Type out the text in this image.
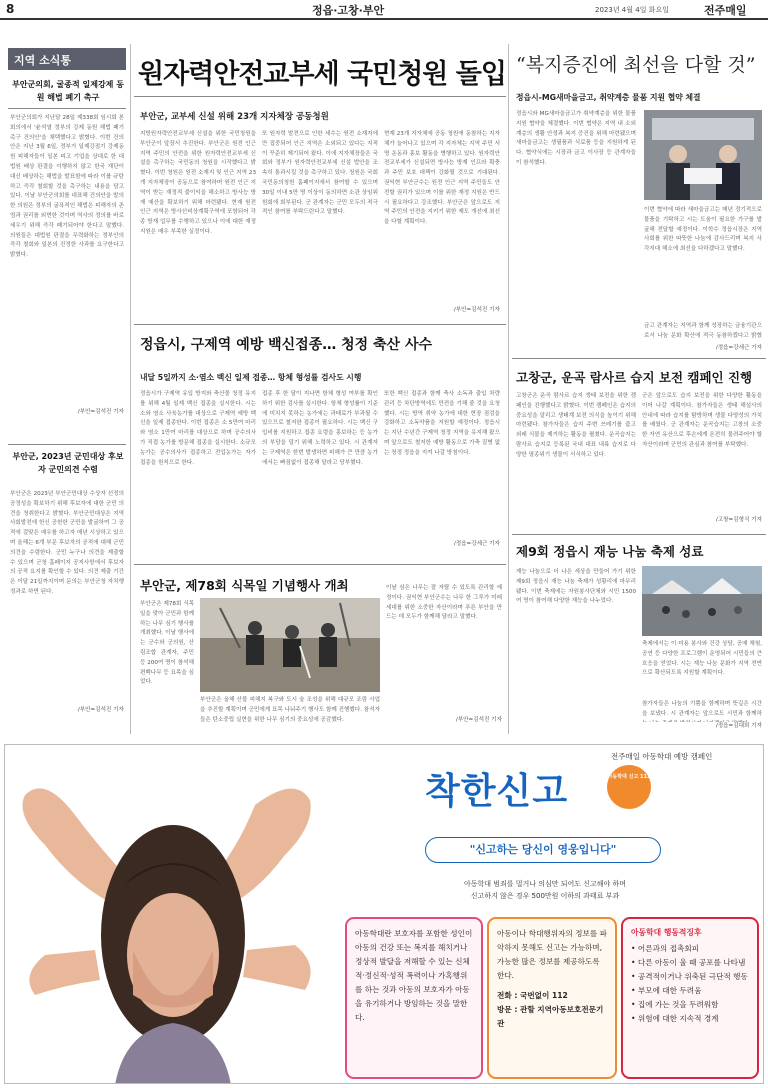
8	정읍·고창·부안	2023년 4월 4일 화요일	전주매일
지역 소식통
부안군의회, 굴종적 일제강제 동원 해법 폐기 촉구
부안군의회가 지난달 28일 제338회 임시회 본회의에서 '윤석열 정부의 강제 동원 해법 폐기 촉구 건의안'을 채택했다고 밝혔다. 이번 건의안은 지난 3월 6일, 정부가 일제강점기 강제동원 피해자들이 일본 피고 기업을 상대로 한 대법원 배상 판결을 이행하지 않고 한국 재단이 대신 배상하는 해법을 발표함에 따라 이를 규탄하고 즉각 철회할 것을 촉구하는 내용을 담고 있다. 이날 부안군의회를 대표해 건의안을 발의한 의원은 정부의 굴욕적인 해법은 피해자의 존엄과 권리를 외면한 것이며 역사의 정의를 바로 세우기 위해 즉각 폐기되어야 한다고 말했다. 의원들은 대법원 판결을 무력화하는 정부안의 즉각 철회와 일본의 진정한 사과를 요구한다고 밝혔다.
/부안=김석진 기자
부안군, 2023년 군민대상 후보자 군민의견 수렴
부안군은 2023년 부안군민대상 수상자 선정의 공정성을 확보하기 위해 후보자에 대한 군민 의견을 청취한다고 밝혔다. 부안군민대상은 지역사회발전에 헌신 공헌한 군민을 발굴하여 그 공적에 걸맞은 예우를 하고자 매년 시상하고 있으며 올해는 6개 부문 후보자의 공적에 대해 군민 의견을 수렴한다. 군민 누구나 의견을 제출할 수 있으며 군청 홈페이지 공지사항에서 후보자의 공적 요지를 확인할 수 있다. 의견 제출 기간은 이달 21일까지이며 문의는 부안군청 자치행정과로 하면 된다.
/부안=김석진 기자
원자력안전교부세 국민청원 돌입
부안군, 교부세 신설 위해 23개 지자체장 공동청원
지방원자력안전교부세 신설을 위한 국민청원을 부안군이 앞장서 추진한다. 부안군은 원전 인근 지역 주민의 안전을 위한 원자력안전교부세 신설을 촉구하는 국민동의 청원을 시작했다고 밝혔다. 이번 청원은 원전 소재지 및 인근 지역 23개 지자체장이 공동으로 참여하며 원전 인근 지역이 받는 재정적 불이익을 해소하고 방사능 방재 예산을 확보하기 위해 마련됐다. 현재 원전 인근 지역은 방사선비상계획구역에 포함되어 각종 방재 업무를 수행하고 있으나 이에 대한 재정 지원은 매우 부족한 실정이다.
또 원자력 발전으로 인한 세수는 원전 소재지에만 집중되어 인근 지역은 소외되고 있다는 지적이 꾸준히 제기되어 왔다. 이에 지자체장들은 국회와 정부가 원자력안전교부세 신설 법안을 조속히 통과시킬 것을 촉구하고 있다. 청원은 국회 국민동의청원 홈페이지에서 참여할 수 있으며 30일 이내 5만 명 이상이 동의하면 소관 상임위원회에 회부된다. 군 관계자는 군민 모두의 적극적인 참여를 부탁드린다고 말했다.
현재 23개 지자체에 공동 청원에 동참하는 지자체가 늘어나고 있으며 각 지자체는 지역 주민 서명 운동과 홍보 활동을 병행하고 있다. 원자력안전교부세가 신설되면 방사능 방재 인프라 확충과 주민 보호 대책이 강화될 것으로 기대된다. 권익현 부안군수는 원전 인근 지역 주민들도 안전할 권리가 있으며 이를 위한 재정 지원은 반드시 필요하다고 강조했다. 부안군은 앞으로도 지역 주민의 안전을 지키기 위한 제도 개선에 최선을 다할 계획이다.
/부안=김석진 기자
“복지증진에 최선을 다할 것”
정읍시-MG새마을금고, 취약계층 물품 지원 협약 체결
정읍시와 MG새마을금고가 취약계층을 위한 물품 지원 협약을 체결했다. 이번 협약은 지역 내 소외계층의 생활 안정과 복지 증진을 위해 마련됐으며 새마을금고는 생필품과 식료품 등을 지원하게 된다. 협약식에는 시장과 금고 이사장 등 관계자들이 참석했다.
이번 협약에 따라 새마을금고는 매년 정기적으로 물품을 기탁하고 시는 도움이 필요한 가구를 발굴해 전달할 예정이다. 이학수 정읍시장은 지역사회를 위한 따뜻한 나눔에 감사드리며 복지 사각지대 해소에 최선을 다하겠다고 말했다.
금고 관계자는 지역과 함께 성장하는 금융기관으로서 나눔 문화 확산에 적극 동참하겠다고 밝혔
/정읍=강세근 기자
정읍시, 구제역 예방 백신접종… 청정 축산 사수
내달 5일까지 소·염소 백신 일제 접종… 항체 형성률 검사도 시행
정읍시가 구제역 유입 방지와 축산물 청정 유지를 위해 4월 일제 백신 접종을 실시한다. 시는 소와 염소 사육농가를 대상으로 구제역 예방 백신을 일제 접종한다. 이번 접종은 소 5만여 마리와 염소 1만여 마리를 대상으로 하며 공수의사가 직접 농가를 방문해 접종을 실시한다. 소규모 농가는 공수의사가 접종하고 전업농가는 자가 접종을 원칙으로 한다.
접종 후 한 달이 지나면 항체 형성 여부를 확인하기 위한 검사를 실시한다. 항체 형성률이 기준에 미치지 못하는 농가에는 과태료가 부과될 수 있으므로 철저한 접종이 필요하다. 시는 백신 구입비를 지원하고 접종 요령을 홍보하는 등 농가의 부담을 덜기 위해 노력하고 있다. 시 관계자는 구제역은 한번 발생하면 피해가 큰 만큼 농가에서는 빠짐없이 접종해 달라고 당부했다.
또한 백신 접종과 함께 축사 소독과 출입 차량 관리 등 차단방역에도 만전을 기해 줄 것을 요청했다. 시는 방역 취약 농가에 대한 현장 점검을 강화하고 소독약품을 지원할 예정이다. 정읍시는 지난 수년간 구제역 청정 지역을 유지해 왔으며 앞으로도 철저한 예방 활동으로 가축 질병 없는 청정 정읍을 지켜 나갈 방침이다.
/정읍=강세근 기자
부안군, 제78회 식목일 기념행사 개최
부안군은 제78회 식목일을 맞아 군민과 함께하는 나무 심기 행사를 개최했다. 이날 행사에는 군수와 군의원, 산림조합 관계자, 주민 등 200여 명이 참석해 편백나무 등 묘목을 심었다.
부안군은 올해 산불 피해지 복구와 도시 숲 조성을 위해 대규모 조림 사업을 추진할 계획이며 군민에게 묘목 나눠주기 행사도 함께 진행했다. 참석자들은 탄소중립 실현을 위한 나무 심기의 중요성에 공감했다.
이날 심은 나무는 잘 자랄 수 있도록 관리할 예정이다. 권익현 부안군수는 나무 한 그루가 미래 세대를 위한 소중한 자산이라며 푸른 부안을 만드는 데 모두가 함께해 달라고 말했다.
/부안=김석진 기자
고창군, 운곡 람사르 습지 보전 캠페인 진행
고창군은 운곡 람사르 습지 생태 보전을 위한 캠페인을 진행했다고 밝혔다. 이번 캠페인은 습지의 중요성을 알리고 생태계 보전 의식을 높이기 위해 마련됐다. 참가자들은 습지 주변 쓰레기를 줍고 외래 식물을 제거하는 활동을 펼쳤다. 운곡습지는 람사르 습지로 등록된 국내 대표 내륙 습지로 다양한 멸종위기 생물이 서식하고 있다.
군은 앞으로도 습지 보전을 위한 다양한 활동을 이어 나갈 계획이다. 참가자들은 생태 해설사의 안내에 따라 습지를 탐방하며 생물 다양성의 가치를 배웠다. 군 관계자는 운곡습지는 고창의 소중한 자연 유산으로 후손에게 온전히 물려주어야 할 자산이라며 군민의 관심과 참여를 부탁했다.
/고창=김형식 기자
제9회 정읍시 재능 나눔 축제 성료
재능 나눔으로 더 나은 세상을 만들어 가기 위한 제9회 정읍시 재능 나눔 축제가 성황리에 마무리됐다. 이번 축제에는 자원봉사단체와 시민 1500여 명이 참여해 다양한 재능을 나누었다.
축제에서는 이·미용 봉사와 건강 상담, 공예 체험, 공연 등 다양한 프로그램이 운영되어 시민들의 큰 호응을 얻었다. 시는 재능 나눔 문화가 지역 전반으로 확산되도록 지원할 계획이다.
참가자들은 나눔의 기쁨을 함께하며 뜻깊은 시간을 보냈다. 시 관계자는 앞으로도 시민과 함께하
/정읍=김대희 기자
전주매일 아동학대 예방 캠페인
착한신고	아동학대 신고 112
"신고하는 당신이 영웅입니다"
아동학대 범죄를 멀거나 의심만 되어도 신고해야 하며
신고하지 않은 경우 500만원 이하의 과태료 부과
아동학대란 보호자를 포함한 성인이 아동의 건강 또는 복지를 해치거나 정상적 발달을 저해할 수 있는 신체적·정신적·성적 폭력이나 가혹행위를 하는 것과 아동의 보호자가 아동을 유기하거나 방임하는 것을 말한다.
아동이나 학대행위자의 정보를 파악하지 못해도 신고는 가능하며, 가능한 많은 정보를 제공하도록 한다.
전화 : 국번없이 112
방문 : 관할 지역아동보호전문기관
아동학대 행동적징후
• 어른과의 접촉회피
• 다른 아동이 울 때 공포를 나타냄
• 공격적이거나 위축된 극단적 행동
• 부모에 대한 두려움
• 집에 가는 것을 두려워함
• 위험에 대한 지속적 경계
